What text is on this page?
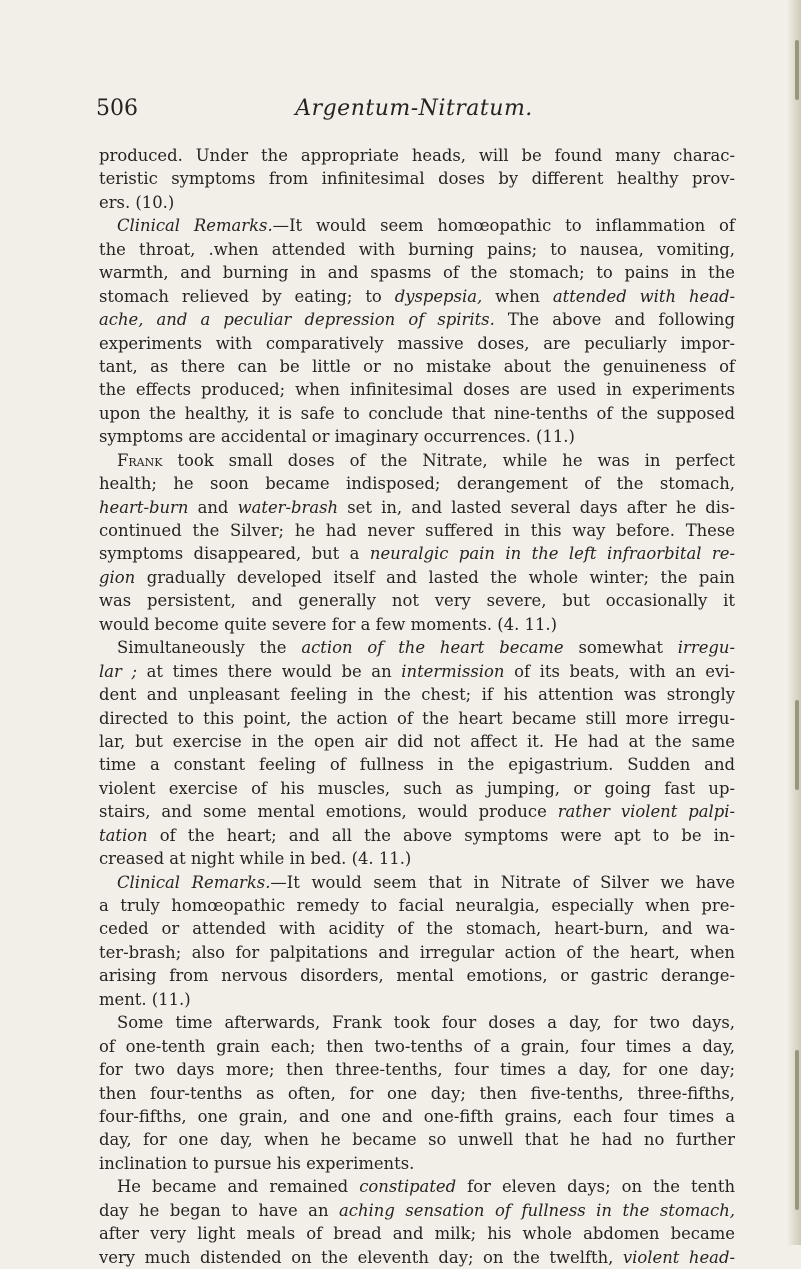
506	Argentum-Nitratum.
produced. Under the appropriate heads, will be found many charac-
teristic symptoms from infinitesimal doses by different healthy prov-
ers. (10.)
Clinical Remarks.—It would seem homœopathic to inflammation of
the throat, .when attended with burning pains; to nausea, vomiting,
warmth, and burning in and spasms of the stomach; to pains in the
stomach relieved by eating; to dyspepsia, when attended with head-
ache, and a peculiar depression of spirits. The above and following
experiments with comparatively massive doses, are peculiarly impor-
tant, as there can be little or no mistake about the genuineness of
the effects produced; when infinitesimal doses are used in experiments
upon the healthy, it is safe to conclude that nine-tenths of the supposed
symptoms are accidental or imaginary occurrences. (11.)
Frank took small doses of the Nitrate, while he was in perfect
health; he soon became indisposed; derangement of the stomach,
heart-burn and water-brash set in, and lasted several days after he dis-
continued the Silver; he had never suffered in this way before. These
symptoms disappeared, but a neuralgic pain in the left infraorbital re-
gion gradually developed itself and lasted the whole winter; the pain
was persistent, and generally not very severe, but occasionally it
would become quite severe for a few moments. (4. 11.)
Simultaneously the action of the heart became somewhat irregu-
lar ; at times there would be an intermission of its beats, with an evi-
dent and unpleasant feeling in the chest; if his attention was strongly
directed to this point, the action of the heart became still more irregu-
lar, but exercise in the open air did not affect it. He had at the same
time a constant feeling of fullness in the epigastrium. Sudden and
violent exercise of his muscles, such as jumping, or going fast up-
stairs, and some mental emotions, would produce rather violent palpi-
tation of the heart; and all the above symptoms were apt to be in-
creased at night while in bed. (4. 11.)
Clinical Remarks.—It would seem that in Nitrate of Silver we have
a truly homœopathic remedy to facial neuralgia, especially when pre-
ceded or attended with acidity of the stomach, heart-burn, and wa-
ter-brash; also for palpitations and irregular action of the heart, when
arising from nervous disorders, mental emotions, or gastric derange-
ment. (11.)
Some time afterwards, Frank took four doses a day, for two days,
of one-tenth grain each; then two-tenths of a grain, four times a day,
for two days more; then three-tenths, four times a day, for one day;
then four-tenths as often, for one day; then five-tenths, three-fifths,
four-fifths, one grain, and one and one-fifth grains, each four times a
day, for one day, when he became so unwell that he had no further
inclination to pursue his experiments.
He became and remained constipated for eleven days; on the tenth
day he began to have an aching sensation of fullness in the stomach,
after very light meals of bread and milk; his whole abdomen became
very much distended on the eleventh day; on the twelfth, violent head-
